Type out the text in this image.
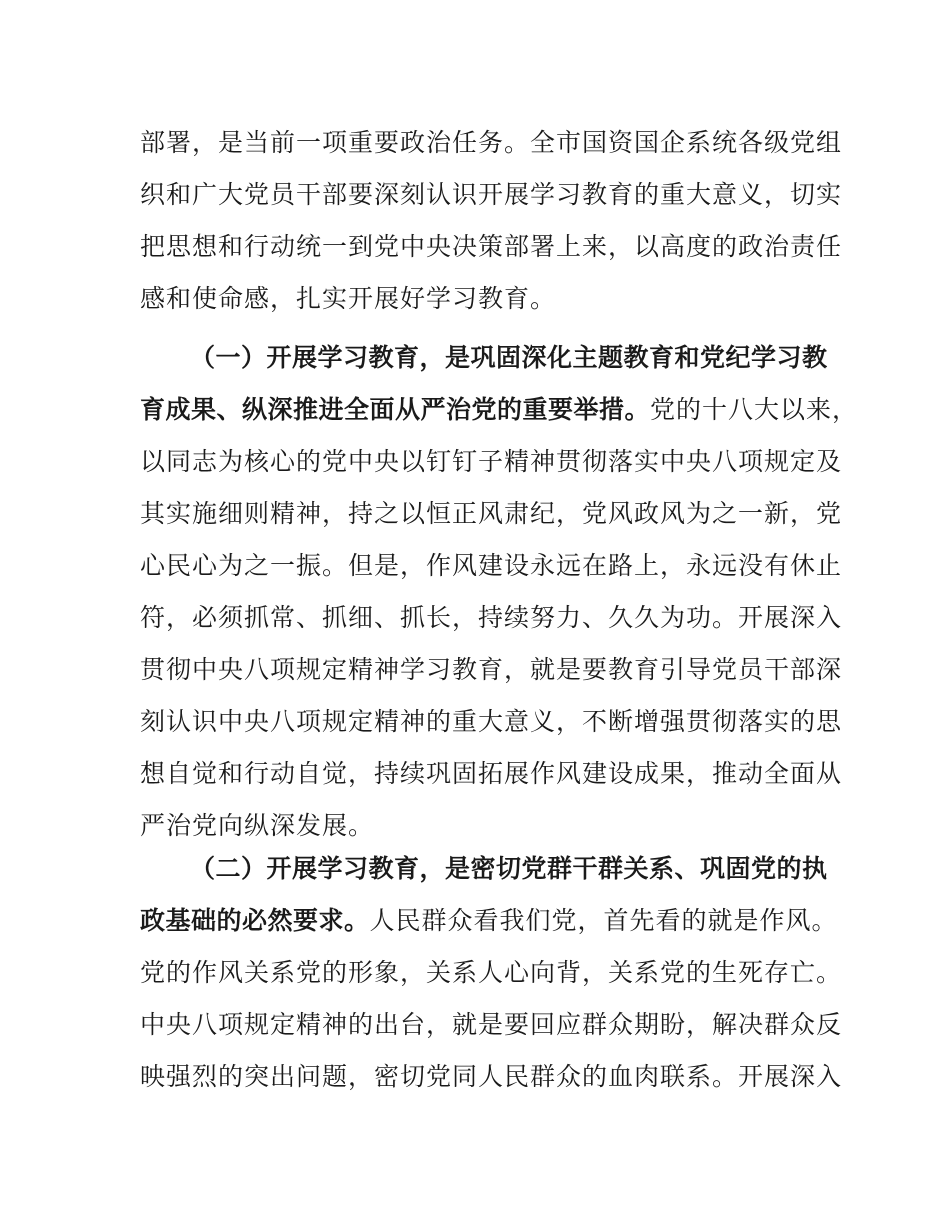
部署，是当前一项重要政治任务。全市国资国企系统各级党组
织和广大党员干部要深刻认识开展学习教育的重大意义，切实
把思想和行动统一到党中央决策部署上来，以高度的政治责任
感和使命感，扎实开展好学习教育。
（一）开展学习教育，是巩固深化主题教育和党纪学习教
育成果、纵深推进全面从严治党的重要举措。党的十八大以来，
以同志为核心的党中央以钉钉子精神贯彻落实中央八项规定及
其实施细则精神，持之以恒正风肃纪，党风政风为之一新，党
心民心为之一振。但是，作风建设永远在路上，永远没有休止
符，必须抓常、抓细、抓长，持续努力、久久为功。开展深入
贯彻中央八项规定精神学习教育，就是要教育引导党员干部深
刻认识中央八项规定精神的重大意义，不断增强贯彻落实的思
想自觉和行动自觉，持续巩固拓展作风建设成果，推动全面从
严治党向纵深发展。
（二）开展学习教育，是密切党群干群关系、巩固党的执
政基础的必然要求。人民群众看我们党，首先看的就是作风。
党的作风关系党的形象，关系人心向背，关系党的生死存亡。
中央八项规定精神的出台，就是要回应群众期盼，解决群众反
映强烈的突出问题，密切党同人民群众的血肉联系。开展深入
